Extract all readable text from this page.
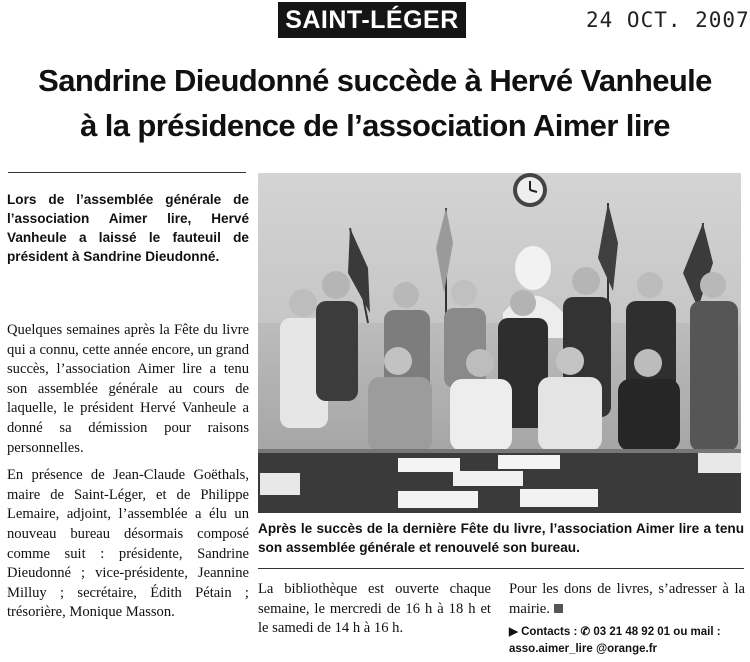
SAINT-LÉGER	24 OCT. 2007
Sandrine Dieudonné succède à Hervé Vanheule
à la présidence de l’association Aimer lire
Lors de l’assemblée générale de l’association Aimer lire, Hervé Vanheule a laissé le fauteuil de président à Sandrine Dieudonné.

Quelques semaines après la Fête du livre qui a connu, cette année encore, un grand succès, l’association Aimer lire a tenu son assemblée générale au cours de laquelle, le président Hervé Vanheule a donné sa démission pour raisons personnelles.

En présence de Jean-Claude Goëthals, maire de Saint-Léger, et de Philippe Lemaire, adjoint, l’assemblée a élu un nouveau bureau désormais composé comme suit : présidente, Sandrine Dieudonné ; vice-présidente, Jeannine Milluy ; secrétaire, Édith Pétain ; trésorière, Monique Masson.

Après le succès de la dernière Fête du livre, l’association Aimer lire a tenu son assemblée générale et renouvelé son bureau.

La bibliothèque est ouverte chaque semaine, le mercredi de 16 h à 18 h et le samedi de 14 h à 16 h.

Pour les dons de livres, s’adresser à la mairie.

▶ Contacts : ✆ 03 21 48 92 01 ou mail :
asso.aimer_lire @orange.fr
